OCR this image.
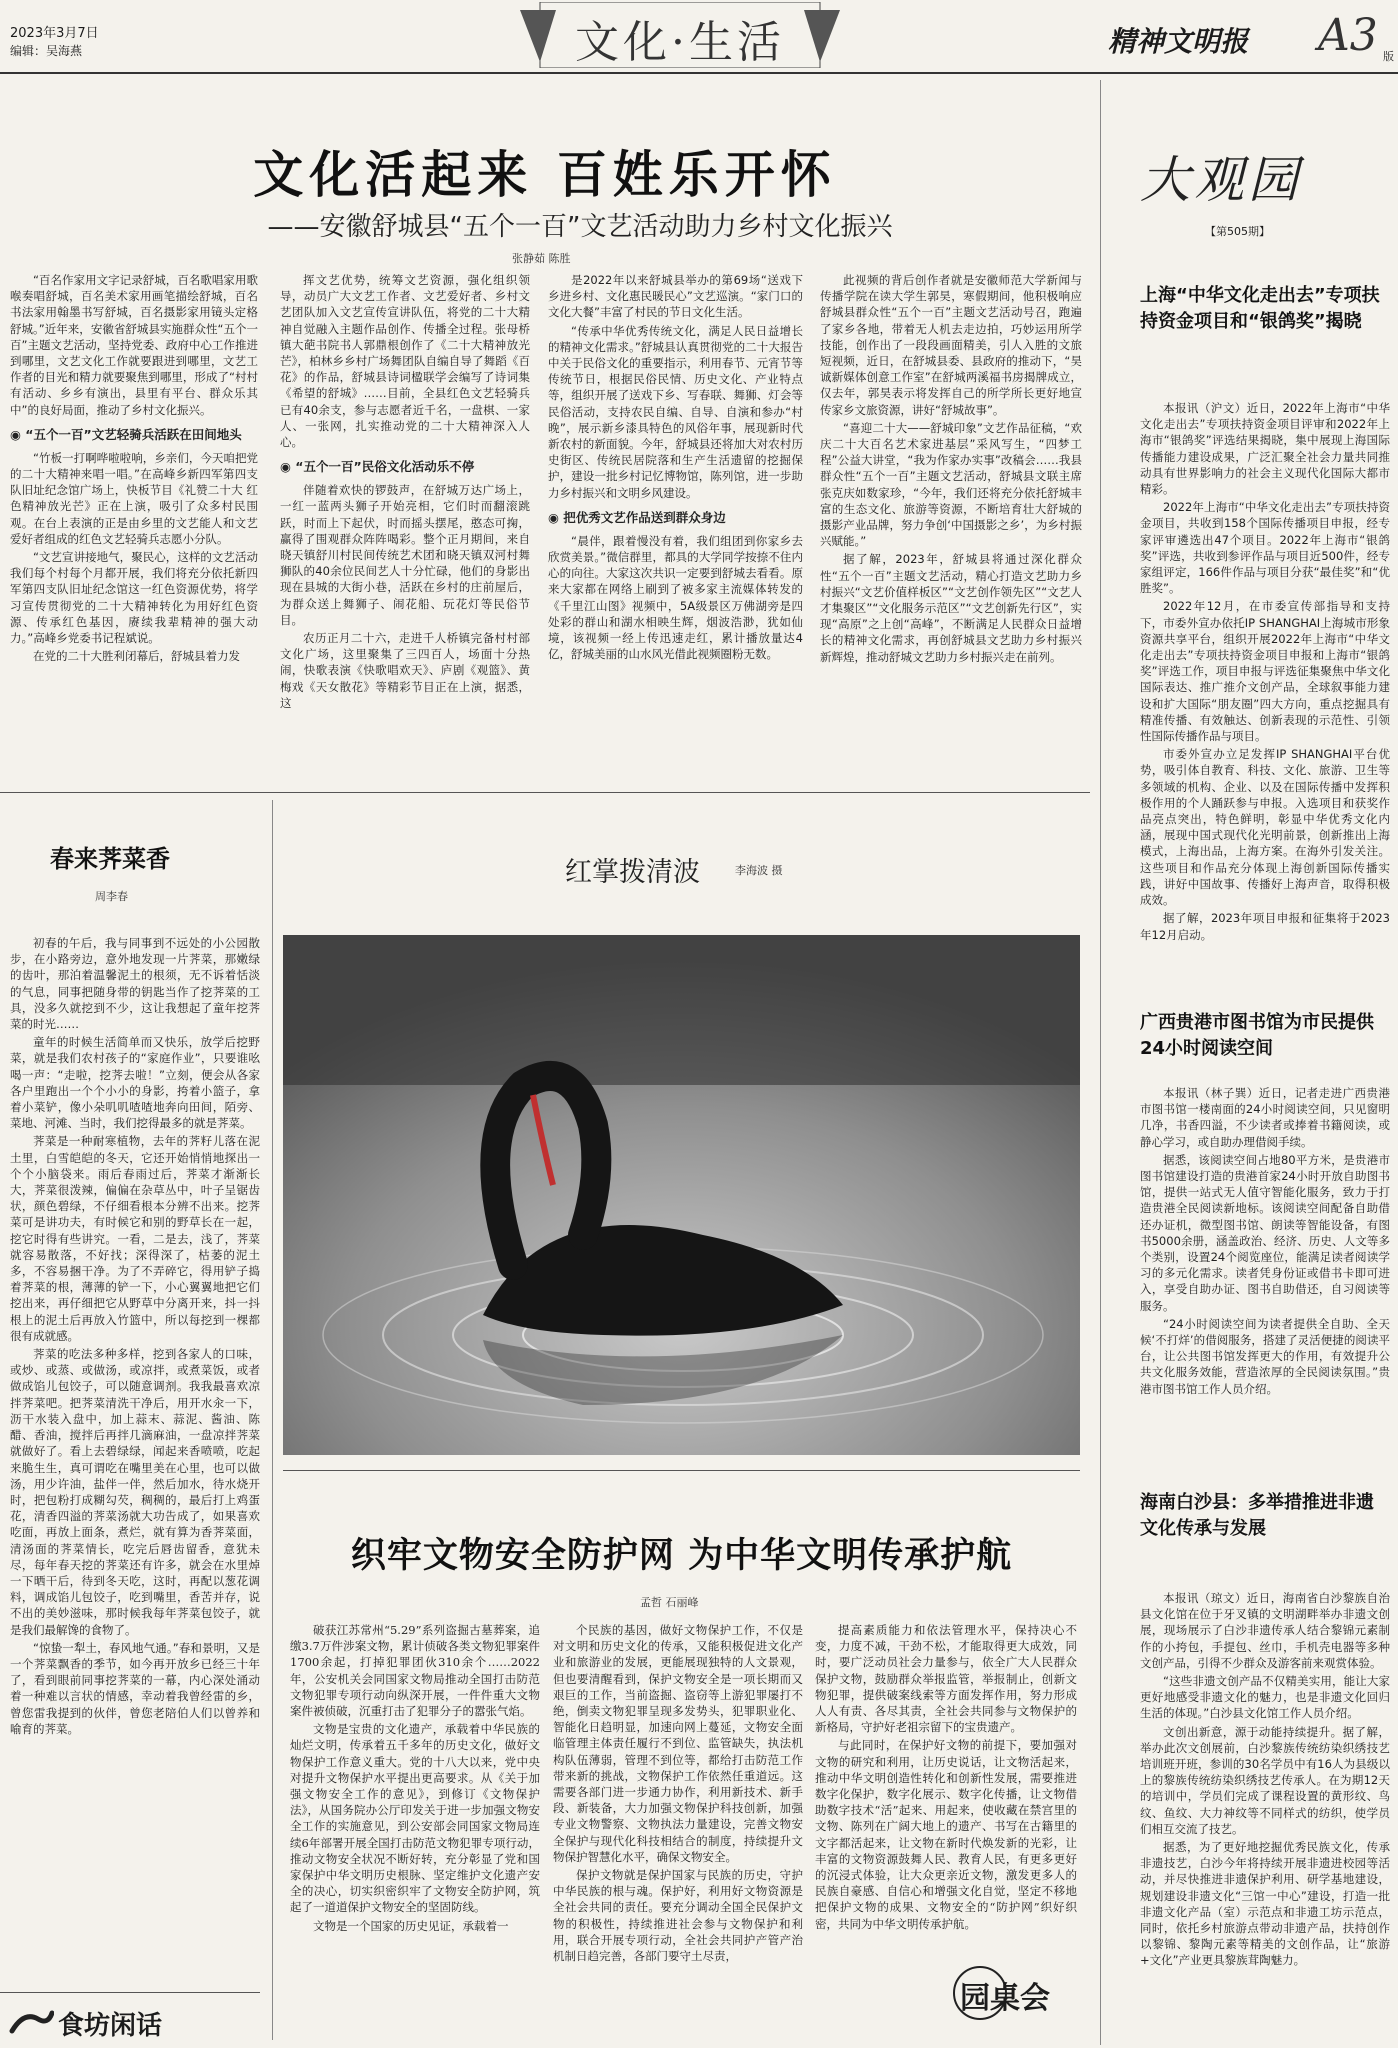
2023年3月7日
编辑：吴海燕	文化·生活	精神文明报 A3 版
文化活起来 百姓乐开怀
——安徽舒城县“五个一百”文艺活动助力乡村文化振兴
张静茹 陈胜

“百名作家用文字记录舒城，百名歌唱家用歌喉奏唱舒城，百名美术家用画笔描绘舒城，百名书法家用翰墨书写舒城，百名摄影家用镜头定格舒城。”近年来，安徽省舒城县实施群众性“五个一百”主题文艺活动，坚持党委、政府中心工作推进到哪里，文艺文化工作就要跟进到哪里，文艺工作者的目光和精力就要聚焦到哪里，形成了“村村有活动、乡乡有演出，县里有平台、群众乐其中”的良好局面，推动了乡村文化振兴。

◉ “五个一百”文艺轻骑兵活跃在田间地头

“竹板一打啊哗啦啦响，乡亲们，今天咱把党的二十大精神来唱一唱。”在高峰乡新四军第四支队旧址纪念馆广场上，快板节目《礼赞二十大 红色精神放光芒》正在上演，吸引了众多村民围观。在台上表演的正是由乡里的文艺能人和文艺爱好者组成的红色文艺轻骑兵志愿小分队。

“文艺宣讲接地气，聚民心，这样的文艺活动我们每个村每个月都开展，我们将充分依托新四军第四支队旧址纪念馆这一红色资源优势，将学习宣传贯彻党的二十大精神转化为用好红色资源、传承红色基因，赓续我辈精神的强大动力。”高峰乡党委书记程斌说。

在党的二十大胜利闭幕后，舒城县着力发

挥文艺优势，统筹文艺资源，强化组织领导，动员广大文艺工作者、文艺爱好者、乡村文艺团队加入文艺宣传宣讲队伍，将党的二十大精神自觉融入主题作品创作、传播全过程。张母桥镇大葩书院书人郭鼎根创作了《二十大精神放光芒》，柏林乡乡村广场舞团队自编自导了舞蹈《百花》的作品，舒城县诗词楹联学会编写了诗词集《希望的舒城》……目前，全县红色文艺轻骑兵已有40余支，参与志愿者近千名，一盘棋、一家人、一张网，扎实推动党的二十大精神深入人心。

◉ “五个一百”民俗文化活动乐不停

伴随着欢快的锣鼓声，在舒城万达广场上，一红一蓝两头狮子开始亮相，它们时而翻滚跳跃，时而上下起伏，时而摇头摆尾，憨态可掬，赢得了围观群众阵阵喝彩。整个正月期间，来自晓天镇舒川村民间传统艺术团和晓天镇双河村舞狮队的40余位民间艺人十分忙碌，他们的身影出现在县城的大街小巷，活跃在乡村的庄前屋后，为群众送上舞狮子、闹花船、玩花灯等民俗节目。

农历正月二十六，走进千人桥镇完备村村部文化广场，这里聚集了三四百人，场面十分热闹，快歌表演《快歌唱欢天》、庐剧《观篮》、黄梅戏《天女散花》等精彩节目正在上演，据悉，这

是2022年以来舒城县举办的第69场“送戏下乡进乡村、文化惠民暖民心”文艺巡演。“家门口的文化大餐”丰富了村民的节日文化生活。

“传承中华优秀传统文化，满足人民日益增长的精神文化需求。”舒城县认真贯彻党的二十大报告中关于民俗文化的重要指示，利用春节、元宵节等传统节日，根据民俗民情、历史文化、产业特点等，组织开展了送戏下乡、写春联、舞狮、灯会等民俗活动，支持农民自编、自导、自演和参办“村晚”，展示新乡漆具特色的风俗年事，展现新时代新农村的新面貌。今年，舒城县还将加大对农村历史街区、传统民居院落和生产生活遗留的挖掘保护，建设一批乡村记忆博物馆，陈列馆，进一步助力乡村振兴和文明乡风建设。

◉ 把优秀文艺作品送到群众身边

“晨伴，跟着慢没有着，我们组团到你家乡去欣赏美景。”微信群里，都具的大学同学按捺不住内心的向往。大家这次共识一定要到舒城去看看。原来大家都在网络上刷到了被多家主流媒体转发的《千里江山图》视频中，5A级景区万佛湖旁是四处彩的群山和湖水相映生辉，烟波浩渺，犹如仙境，该视频一经上传迅速走红，累计播放量达4亿，舒城美丽的山水风光借此视频圈粉无数。

此视频的背后创作者就是安徽师范大学新闻与传播学院在读大学生郭昊，寒假期间，他积极响应舒城县群众性“五个一百”主题文艺活动号召，跑遍了家乡各地，带着无人机去走边拍，巧妙运用所学技能，创作出了一段段画面精美，引人入胜的文旅短视频，近日，在舒城县委、县政府的推动下，“昊诚新媒体创意工作室”在舒城两溪福书房揭牌成立，仅去年，郭昊表示将发挥自己的所学所长更好地宣传家乡文旅资源，讲好“舒城故事”。

“喜迎二十大——舒城印象”文艺作品征稿，“欢庆二十大百名艺术家进基层”采风写生，“四梦工程”公益大讲堂，“我为作家办实事”改稿会……我县群众性“五个一百”主题文艺活动，舒城县文联主席张克庆如数家珍，“今年，我们还将充分依托舒城丰富的生态文化、旅游等资源，不断培育壮大舒城的摄影产业品牌，努力争创‘中国摄影之乡’，为乡村振兴赋能。”

据了解，2023年，舒城县将通过深化群众性“五个一百”主题文艺活动，精心打造文艺助力乡村振兴“文艺价值样板区”“文艺创作领先区”“文艺人才集聚区”“文化服务示范区”“文艺创新先行区”，实现“高原”之上创“高峰”，不断满足人民群众日益增长的精神文化需求，再创舒城县文艺助力乡村振兴新辉煌，推动舒城文艺助力乡村振兴走在前列。

春来荠菜香
周李春

初春的午后，我与同事到不远处的小公园散步，在小路旁边，意外地发现一片荠菜，那嫩绿的齿叶，那泊着温馨泥土的根须，无不诉着恬淡的气息，同事把随身带的钥匙当作了挖荠菜的工具，没多久就挖到不少，这让我想起了童年挖荠菜的时光……

童年的时候生活简单而又快乐，放学后挖野菜，就是我们农村孩子的“家庭作业”，只要谁吆喝一声：“走啦，挖荠去啦！”立刻，便会从各家各户里跑出一个个小小的身影，挎着小篮子，拿着小菜铲，像小朵叽叽喳喳地奔向田间，陌旁、菜地、河滩、当时，我们挖得最多的就是荠菜。

荠菜是一种耐寒植物，去年的荠籽儿落在泥土里，白雪皑皑的冬天，它还开始悄悄地探出一个个小脑袋来。雨后春雨过后，荠菜才渐渐长大，荠菜很泼辣，偏偏在杂草丛中，叶子呈锯齿状，颜色碧绿，不仔细看根本分辨不出来。挖荠菜可是讲功夫，有时候它和别的野草长在一起，挖它时得有些讲究。一看，二是去，浅了，荠菜就容易散落，不好找；深得深了，枯萎的泥土多，不容易捆干净。为了不弄碎它，得用铲子捣着荠菜的根，薄薄的铲一下，小心翼翼地把它们挖出来，再仔细把它从野草中分离开来，抖一抖根上的泥土后再放入竹篮中，所以每挖到一棵都很有成就感。

荠菜的吃法多种多样，挖到各家人的口味，或炒、或蒸、或做汤，或凉拌，或煮菜饭，或者做成馅儿包饺子，可以随意调剂。我我最喜欢凉拌荠菜吧。把荠菜清洗干净后，用开水汆一下，沥干水装入盘中，加上蒜末、蒜泥、酱油、陈醋、香油，搅拌后再拌几滴麻油，一盘凉拌荠菜就做好了。看上去碧绿绿，闻起来香喷喷，吃起来脆生生，真可谓吃在嘴里美在心里，也可以做汤，用少许油，盐伴一伴，然后加水，待水烧开时，把包粉打成糊勾芡，稠稠的，最后打上鸡蛋花，清香四溢的荠菜汤就大功告成了，如果喜欢吃面，再放上面条，煮烂，就有算为香荠菜面，清汤面的荠菜情长，吃完后唇齿留香，意犹未尽，每年春天挖的荠菜还有许多，就会在水里焯一下晒干后，待到冬天吃，这时，再配以葱花调料，调成馅儿包饺子，吃到嘴里，香苦并存，说不出的美妙滋味，那时候我每年荠菜包饺子，就是我们最解馋的食物了。

“惊蛰一犁土，春风地气通。”春和景明，又是一个荠菜飘香的季节，如今再开放乡已经三十年了，看到眼前同事挖荠菜的一幕，内心深处涌动着一种难以言状的情感，幸动着我曾经雷的乡，曾您雷我提到的伙伴，曾您老陪伯人们以曾养和喻育的荠菜。

食坊闲话
红掌拨清波	李海波 摄
织牢文物安全防护网 为中华文明传承护航
孟哲 石丽峰

破获江苏常州“5.29”系列盗掘古墓葬案，追缴3.7万件涉案文物，累计侦破各类文物犯罪案件1700余起，打掉犯罪团伙310余个……2022年，公安机关会同国家文物局推动全国打击防范文物犯罪专项行动向纵深开展，一件件重大文物案件被侦破，沉重打击了犯罪分子的嚣张气焰。

文物是宝贵的文化遗产，承载着中华民族的灿烂文明，传承着五千多年的历史文化，做好文物保护工作意义重大。党的十八大以来，党中央对提升文物保护水平提出更高要求。从《关于加强文物安全工作的意见》，到修订《文物保护法》，从国务院办公厅印发关于进一步加强文物安全工作的实施意见，到公安部会同国家文物局连续6年部署开展全国打击防范文物犯罪专项行动，推动文物安全状况不断好转，充分彰显了党和国家保护中华文明历史根脉、坚定维护文化遗产安全的决心，切实织密织牢了文物安全防护网，筑起了一道道保护文物安全的坚固防线。

文物是一个国家的历史见证，承载着一

个民族的基因，做好文物保护工作，不仅是对文明和历史文化的传承，又能积极促进文化产业和旅游业的发展，更能展现独特的人文景观，但也要清醒看到，保护文物安全是一项长期而又艰巨的工作，当前盗掘、盗窃等上游犯罪屡打不绝，倒卖文物犯罪呈现多发势头，犯罪职业化、智能化日趋明显，加速向网上蔓延，文物安全面临管理主体责任履行不到位、监管缺失，执法机构队伍薄弱，管理不到位等，都给打击防范工作带来新的挑战，文物保护工作依然任重道远。这需要各部门进一步通力协作，利用新技术、新手段、新装备，大力加强文物保护科技创新，加强专业文物警察、文物执法力量建设，完善文物安全保护与现代化科技相结合的制度，持续提升文物保护智慧化水平，确保文物安全。

保护文物就是保护国家与民族的历史，守护中华民族的根与魂。保护好，利用好文物资源是全社会共同的责任。要充分调动全国全民保护文物的积极性，持续推进社会参与文物保护和利用，联合开展专项行动，全社会共同护产管产治机制日趋完善，各部门要守土尽责，

提高素质能力和依法管理水平，保持决心不变，力度不减，干劲不松，才能取得更大成效，同时，要广泛动员社会力量参与，依全广大人民群众保护文物，鼓励群众举报监管，举报制止，创新文物犯罪，提供破案线索等方面发挥作用，努力形成人人有责、各尽其责，全社会共同参与文物保护的新格局，守护好老祖宗留下的宝贵遗产。

与此同时，在保护好文物的前提下，要加强对文物的研究和利用，让历史说话，让文物活起来，推动中华文明创造性转化和创新性发展，需要推进数字化保护，数字化展示、数字化传播，让文物借助数字技术“活”起来、用起来，使收藏在禁宫里的文物、陈列在广阔大地上的遗产、书写在古籍里的文字都活起来，让文物在新时代焕发新的光彩，让丰富的文物资源鼓舞人民、教育人民，有更多更好的沉浸式体验，让大众更亲近文物，激发更多人的民族自豪感、自信心和增强文化自觉，坚定不移地把保护文物的成果、文物安全的“防护网”织好织密，共同为中华文明传承护航。

园桌会
大观园
【第505期】
上海“中华文化走出去”专项扶持资金项目和“银鸽奖”揭晓

本报讯（沪文）近日，2022年上海市“中华文化走出去”专项扶持资金项目评审和2022年上海市“银鸽奖”评选结果揭晓，集中展现上海国际传播能力建设成果，广泛汇聚全社会力量共同推动具有世界影响力的社会主义现代化国际大都市精彩。

2022年上海市“中华文化走出去”专项扶持资金项目，共收到158个国际传播项目申报，经专家评审遴选出47个项目。2022年上海市“银鸽奖”评选，共收到参评作品与项目近500件，经专家组评定，166件作品与项目分获“最佳奖”和“优胜奖”。

2022年12月，在市委宣传部指导和支持下，市委外宣办依托IP SHANGHAI上海城市形象资源共享平台，组织开展2022年上海市“中华文化走出去”专项扶持资金项目申报和上海市“银鸽奖”评选工作，项目申报与评选征集聚焦中华文化国际表达、推广推介文创产品，全球叙事能力建设和扩大国际“朋友圈”四大方向，重点挖掘具有精准传播、有效触达、创新表现的示范性、引领性国际传播作品与项目。

市委外宣办立足发挥IP SHANGHAI平台优势，吸引体自教育、科技、文化、旅游、卫生等多领域的机构、企业、以及在国际传播中发挥积极作用的个人踊跃参与申报。入选项目和获奖作品亮点突出，特色鲜明，彰显中华优秀文化内涵，展现中国式现代化光明前景，创新推出上海模式，上海出品，上海方案。在海外引发关注。这些项目和作品充分体现上海创新国际传播实践，讲好中国故事、传播好上海声音，取得积极成效。

据了解，2023年项目申报和征集将于2023年12月启动。

广西贵港市图书馆为市民提供24小时阅读空间

本报讯（林子巽）近日，记者走进广西贵港市图书馆一楼南面的24小时阅读空间，只见窗明几净，书香四溢，不少读者或捧着书籍阅读，或静心学习，或自助办理借阅手续。

据悉，该阅读空间占地80平方米，是贵港市图书馆建设打造的贵港首家24小时开放自助图书馆，提供一站式无人值守智能化服务，致力于打造贵港全民阅读新地标。该阅读空间配备自助借还办证机，微型图书馆、朗读等智能设备，有图书5000余册，涵盖政治、经济、历史、人文等多个类别，设置24个阅览座位，能满足读者阅读学习的多元化需求。读者凭身份证或借书卡即可进入，享受自助办证、图书自助借还，自习阅读等服务。

“24小时阅读空间为读者提供全自助、全天候‘不打烊’的借阅服务，搭建了灵活便捷的阅读平台，让公共图书馆发挥更大的作用，有效提升公共文化服务效能，营造浓厚的全民阅读氛围。”贵港市图书馆工作人员介绍。

海南白沙县：多举措推进非遗文化传承与发展

本报讯（琼文）近日，海南省白沙黎族自治县文化馆在位于牙叉镇的文明湖畔举办非遗文创展，现场展示了白沙非遗传承人结合黎锦元素制作的小挎包，手提包、丝巾，手机壳电器等多种文创产品，引得不少群众及游客前来观赏体验。

“这些非遗文创产品不仅精美实用，能让大家更好地感受非遗文化的魅力，也是非遗文化回归生活的体现。”白沙县文化馆工作人员介绍。

文创出新意，源于动能持续提升。据了解，举办此次文创展前，白沙黎族传统纺染织绣技艺培训班开班，参训的30名学员中有16人为县级以上的黎族传统纺染织绣技艺传承人。在为期12天的培训中，学员们完成了课程设置的黄形纹、鸟纹、鱼纹、大力神纹等不同样式的纺织，使学员们相互交流了技艺。

据悉，为了更好地挖掘优秀民族文化，传承非遗技艺，白沙今年将持续开展非遗进校园等活动，并尽快推进非遗保护利用、研学基地建设，规划建设非遗文化“三馆一中心”建设，打造一批非遗文化产品（室）示范点和非遗工坊示范点，同时，依托乡村旅游点带动非遗产品，扶持创作以黎锦、黎陶元素等精美的文创作品，让“旅游+文化”产业更具黎族茸陶魅力。
